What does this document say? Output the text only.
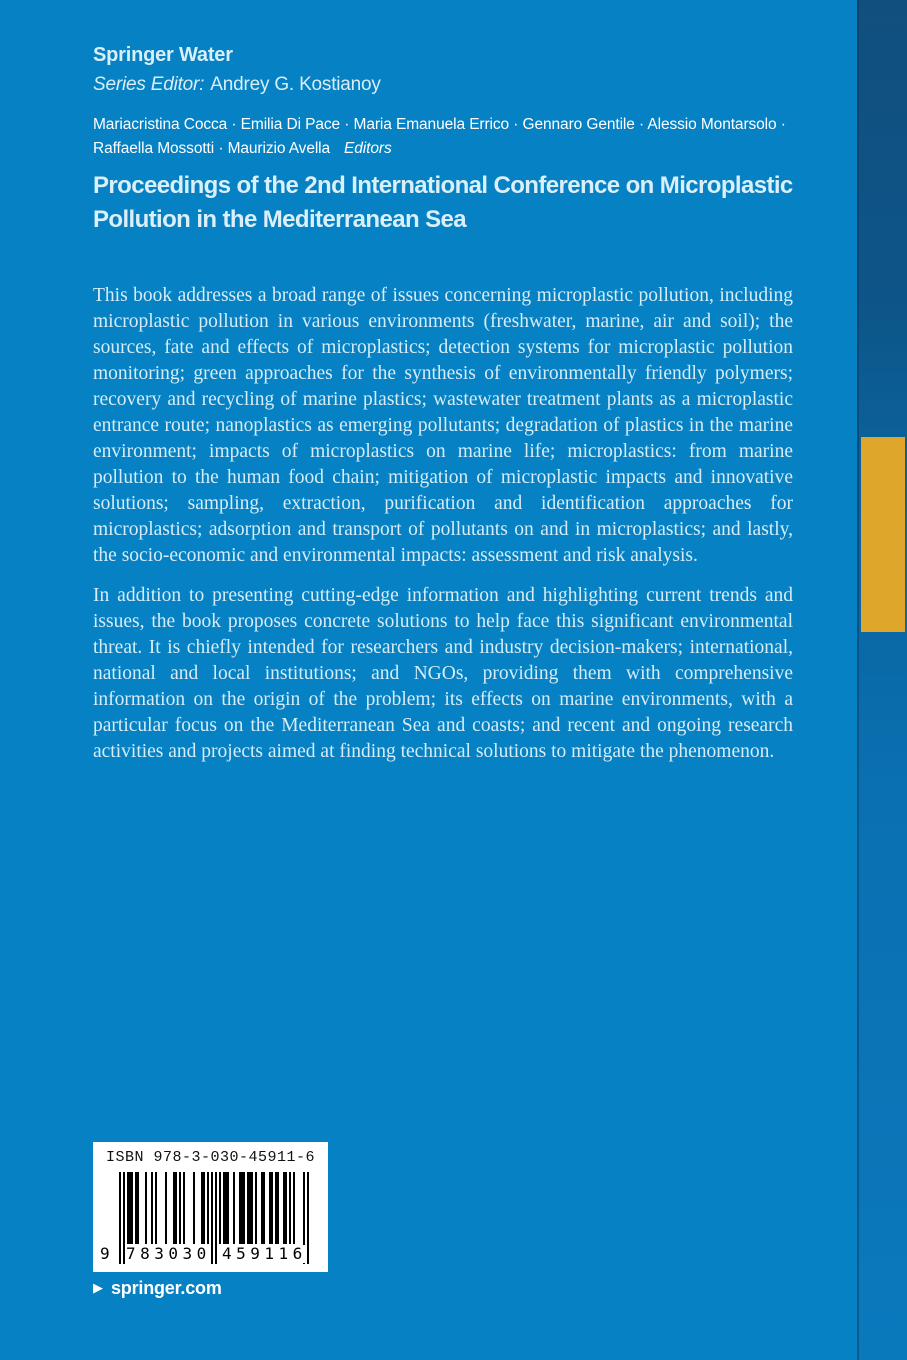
Springer Water
Series Editor: Andrey G. Kostianoy
Mariacristina Cocca · Emilia Di Pace · Maria Emanuela Errico · Gennaro Gentile · Alessio Montarsolo ·
Raffaella Mossotti · Maurizio Avella Editors
Proceedings of the 2nd International Conference on Microplastic
Pollution in the Mediterranean Sea

This book addresses a broad range of issues concerning microplastic pollution, including microplastic pollution in various environments (freshwater, marine, air and soil); the sources, fate and effects of microplastics; detection systems for microplastic pollution monitoring; green approaches for the synthesis of environmentally friendly polymers; recovery and recycling of marine plastics; wastewater treatment plants as a microplastic entrance route; nanoplastics as emerging pollutants; degradation of plastics in the marine environment; impacts of microplastics on marine life; microplastics: from marine pollution to the human food chain; mitigation of microplastic impacts and innovative solutions; sampling, extraction, purification and identification approaches for microplastics; adsorption and transport of pollutants on and in microplastics; and lastly, the socio-economic and environmental impacts: assessment and risk analysis.

In addition to presenting cutting-edge information and highlighting current trends and issues, the book proposes concrete solutions to help face this significant environmental threat. It is chiefly intended for researchers and industry decision-makers; international, national and local institutions; and NGOs, providing them with comprehensive information on the origin of the problem; its effects on marine environments, with a particular focus on the Mediterranean Sea and coasts; and recent and ongoing research activities and projects aimed at finding technical solutions to mitigate the phenomenon.

ISBN 978-3-030-45911-6
9 783030 459116
▶ springer.com
